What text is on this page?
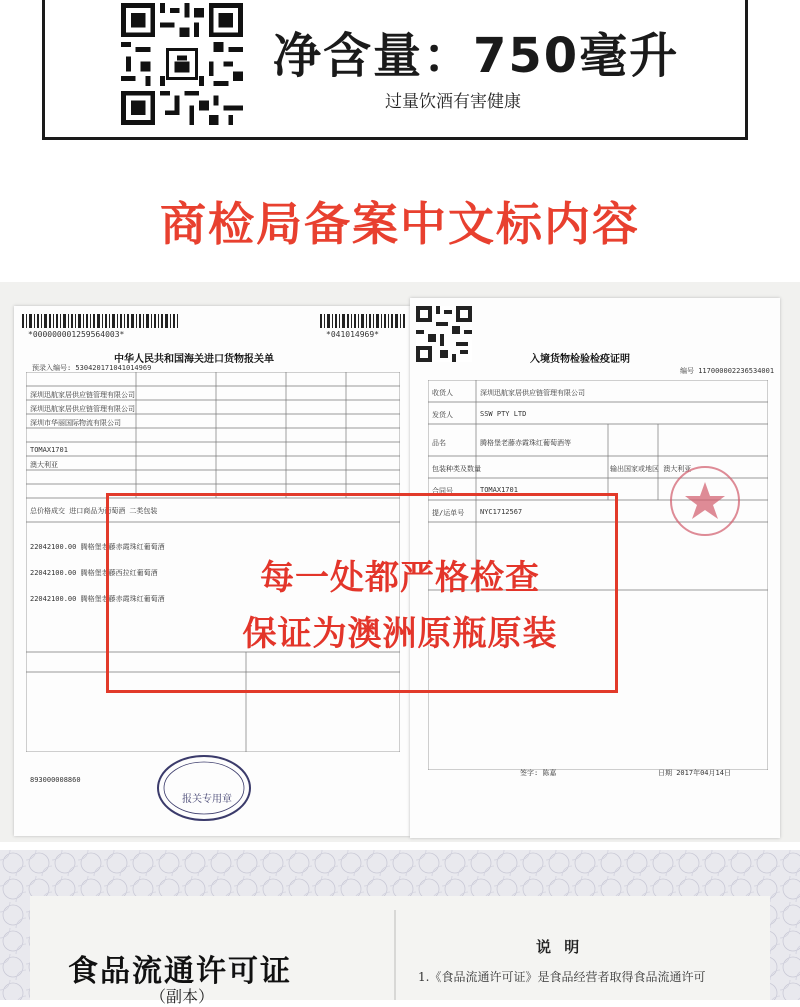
净含量：750毫升
过量饮酒有害健康
商检局备案中文标内容
*000000001259564003*	*041014969*
中华人民共和国海关进口货物报关单
预录入编号: 530420171041014969
深圳迅航家居供应链管理有限公司
深圳迅航家居供应链管理有限公司
深圳市华丽国际物流有限公司
TOMAX1701
澳大利亚
总价格成交 进口商品为葡萄酒 二类包装
22042100.00 腾格堡老藤赤霞珠红葡萄酒
22042100.00 腾格堡老藤西拉红葡萄酒
22042100.00 腾格堡老藤赤霞珠红葡萄酒
893000008860
报关专用章
入境货物检验检疫证明
编号 117000002236534001
收货人	深圳迅航家居供应链管理有限公司
发货人	SSW PTY LTD
品名	腾格堡老藤赤霞珠红葡萄酒等
包装种类及数量	输出国家或地区 澳大利亚
合同号	TOMAX1701
提/运单号 NYC1712567
签字: 陈嘉	日期 2017年04月14日
每一处都严格检查
保证为澳洲原瓶原装
食品流通许可证
（副本）
说 明
1.《食品流通许可证》是食品经营者取得食品流通许可
